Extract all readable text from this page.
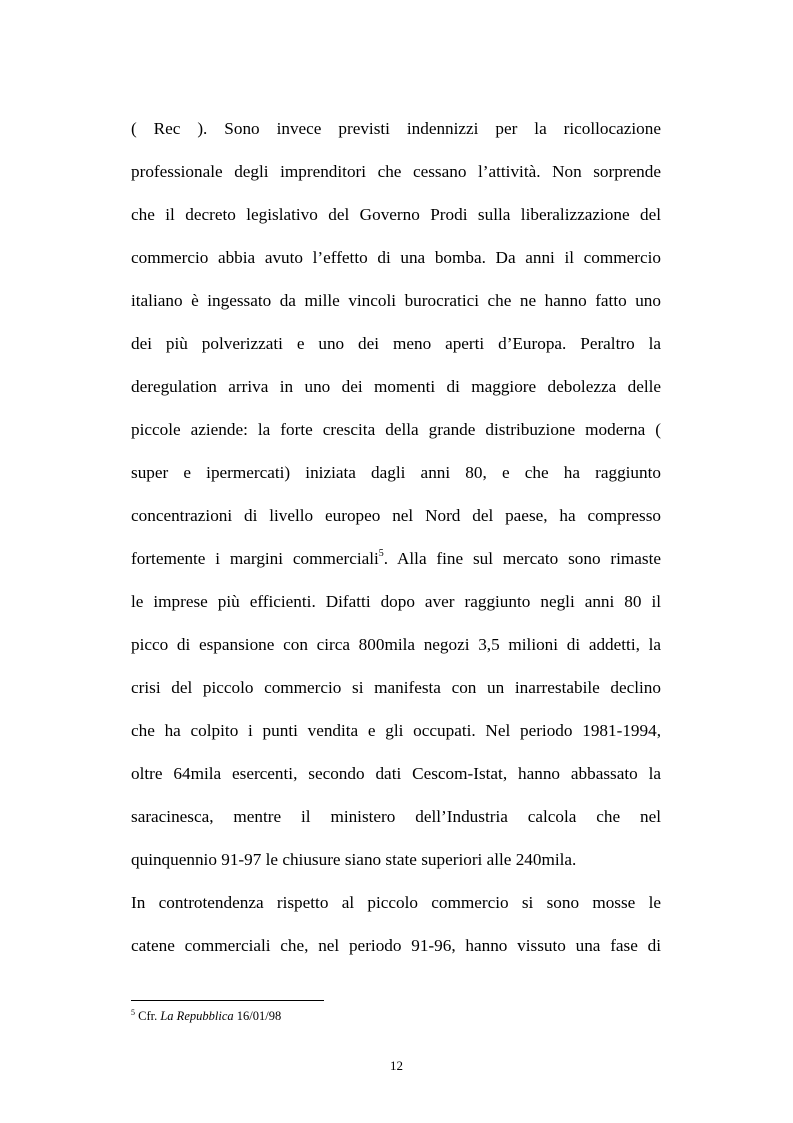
( Rec ). Sono invece previsti indennizzi per la ricollocazione
professionale degli imprenditori che cessano l’attività. Non sorprende
che il decreto legislativo del Governo Prodi sulla liberalizzazione del
commercio abbia avuto l’effetto di una bomba. Da anni il commercio
italiano è ingessato da mille vincoli burocratici che ne hanno fatto uno
dei più polverizzati e uno dei meno aperti d’Europa. Peraltro la
deregulation arriva in uno dei momenti di maggiore debolezza delle
piccole aziende: la forte crescita della grande distribuzione moderna (
super e ipermercati) iniziata dagli anni 80, e che ha raggiunto
concentrazioni di livello europeo nel Nord del paese, ha compresso
fortemente i margini commerciali$^5$. Alla fine sul mercato sono rimaste
le imprese più efficienti. Difatti dopo aver raggiunto negli anni 80 il
picco di espansione con circa 800mila negozi 3,5 milioni di addetti, la
crisi del piccolo commercio si manifesta con un inarrestabile declino
che ha colpito i punti vendita e gli occupati. Nel periodo 1981-1994,
oltre 64mila esercenti, secondo dati Cescom-Istat, hanno abbassato la
saracinesca, mentre il ministero dell’Industria calcola che nel
quinquennio 91-97 le chiusure siano state superiori alle 240mila.
In controtendenza rispetto al piccolo commercio si sono mosse le
catene commerciali che, nel periodo 91-96, hanno vissuto una fase di
$^5$ Cfr. La Repubblica 16/01/98
12
